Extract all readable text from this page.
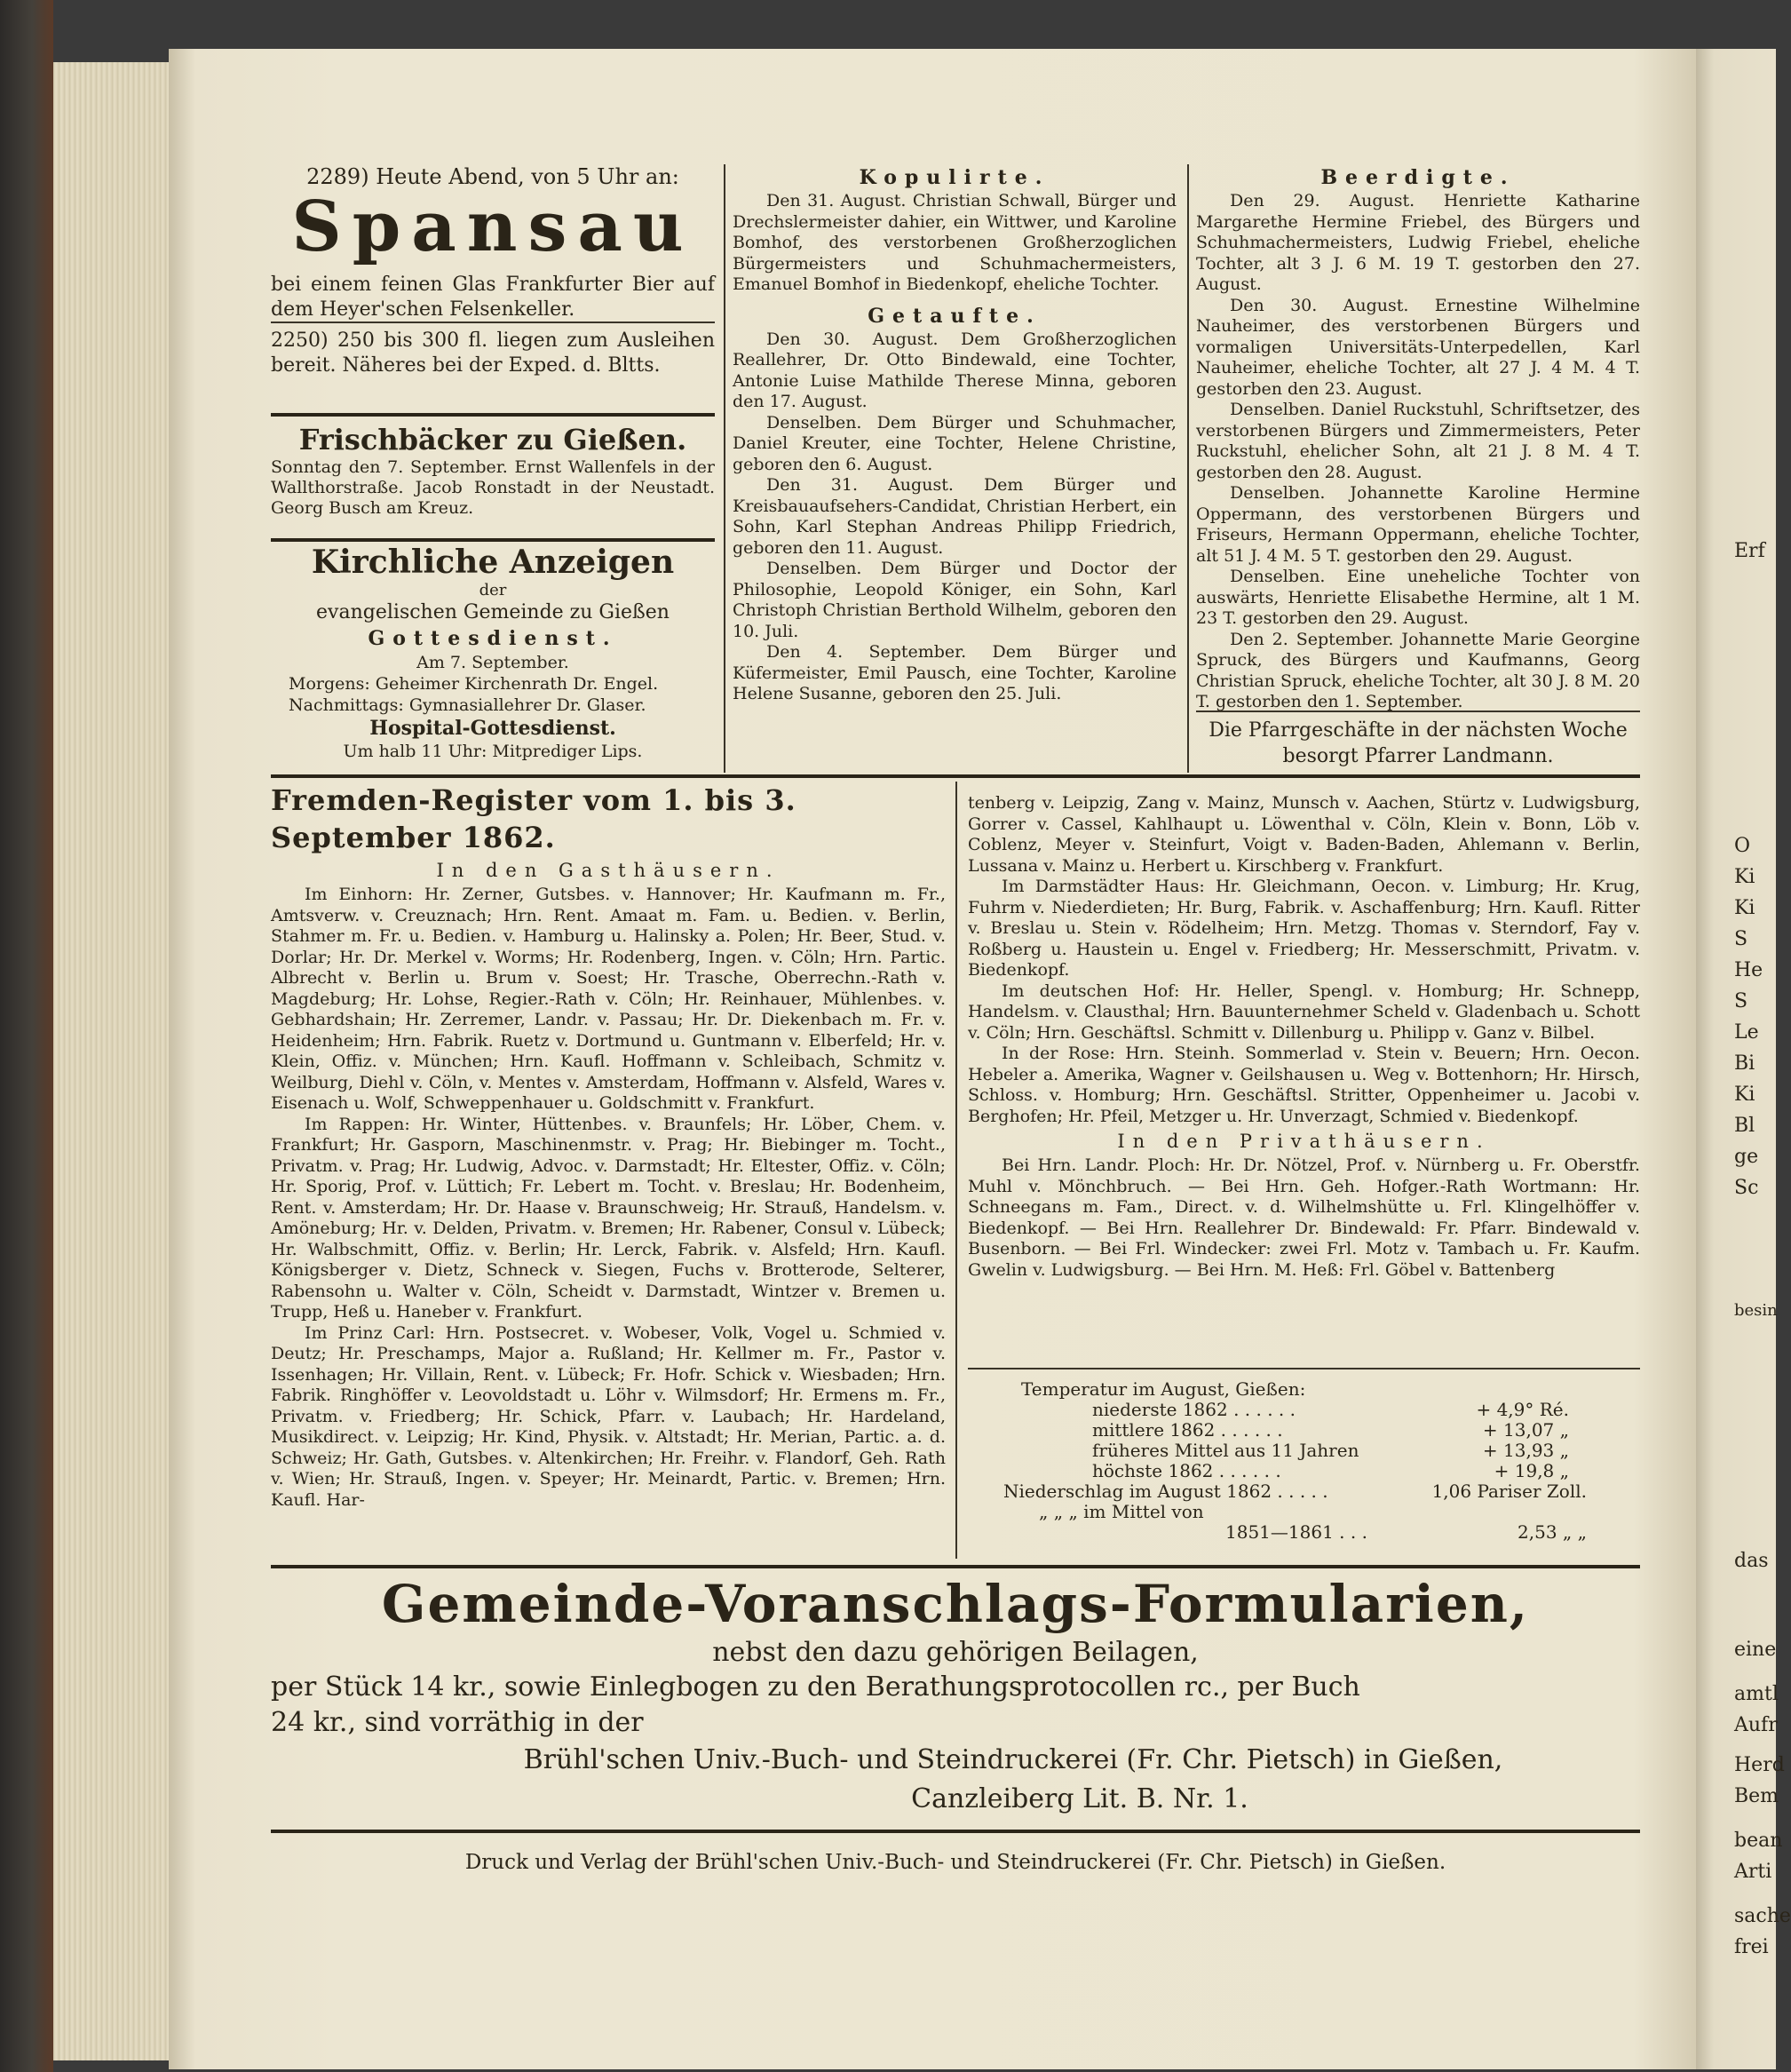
Erf
O
Ki
Ki
S
He
S
Le
Bi
Ki
Bl
ge
Sc
besin
das
eine
amtl
Aufr
Herd
Bem
bean
Arti
sache
frei

2289) Heute Abend, von 5 Uhr an:

Spansau

bei einem feinen Glas Frankfurter Bier auf dem Heyer'schen Felsenkeller.

2250) 250 bis 300 fl. liegen zum Ausleihen bereit. Näheres bei der Exped. d. Bltts.

Frischbäcker zu Gießen.

Sonntag den 7. September. Ernst Wallenfels in der Wallthorstraße. Jacob Ronstadt in der Neustadt. Georg Busch am Kreuz.

Kirchliche Anzeigen

der

evangelischen Gemeinde zu Gießen

Gottesdienst.

Am 7. September.

Morgens: Geheimer Kirchenrath Dr. Engel.

Nachmittags: Gymnasiallehrer Dr. Glaser.

Hospital-Gottesdienst.

Um halb 11 Uhr: Mitprediger Lips.

Kopulirte.

Den 31. August. Christian Schwall, Bürger und Drechslermeister dahier, ein Wittwer, und Karoline Bomhof, des verstorbenen Großherzoglichen Bürgermeisters und Schuhmachermeisters, Emanuel Bomhof in Biedenkopf, eheliche Tochter.

Getaufte.

Den 30. August. Dem Großherzoglichen Reallehrer, Dr. Otto Bindewald, eine Tochter, Antonie Luise Mathilde Therese Minna, geboren den 17. August.

Denselben. Dem Bürger und Schuhmacher, Daniel Kreuter, eine Tochter, Helene Christine, geboren den 6. August.

Den 31. August. Dem Bürger und Kreisbauaufsehers-Candidat, Christian Herbert, ein Sohn, Karl Stephan Andreas Philipp Friedrich, geboren den 11. August.

Denselben. Dem Bürger und Doctor der Philosophie, Leopold Königer, ein Sohn, Karl Christoph Christian Berthold Wilhelm, geboren den 10. Juli.

Den 4. September. Dem Bürger und Küfermeister, Emil Pausch, eine Tochter, Karoline Helene Susanne, geboren den 25. Juli.

Beerdigte.

Den 29. August. Henriette Katharine Margarethe Hermine Friebel, des Bürgers und Schuhmachermeisters, Ludwig Friebel, eheliche Tochter, alt 3 J. 6 M. 19 T. gestorben den 27. August.

Den 30. August. Ernestine Wilhelmine Nauheimer, des verstorbenen Bürgers und vormaligen Universitäts-Unterpedellen, Karl Nauheimer, eheliche Tochter, alt 27 J. 4 M. 4 T. gestorben den 23. August.

Denselben. Daniel Ruckstuhl, Schriftsetzer, des verstorbenen Bürgers und Zimmermeisters, Peter Ruckstuhl, ehelicher Sohn, alt 21 J. 8 M. 4 T. gestorben den 28. August.

Denselben. Johannette Karoline Hermine Oppermann, des verstorbenen Bürgers und Friseurs, Hermann Oppermann, eheliche Tochter, alt 51 J. 4 M. 5 T. gestorben den 29. August.

Denselben. Eine uneheliche Tochter von auswärts, Henriette Elisabethe Hermine, alt 1 M. 23 T. gestorben den 29. August.

Den 2. September. Johannette Marie Georgine Spruck, des Bürgers und Kaufmanns, Georg Christian Spruck, eheliche Tochter, alt 30 J. 8 M. 20 T. gestorben den 1. September.

Die Pfarrgeschäfte in der nächsten Woche besorgt Pfarrer Landmann.

Fremden-Register vom 1. bis 3. September 1862.

In den Gasthäusern.

Im Einhorn: Hr. Zerner, Gutsbes. v. Hannover; Hr. Kaufmann m. Fr., Amtsverw. v. Creuznach; Hrn. Rent. Amaat m. Fam. u. Bedien. v. Berlin, Stahmer m. Fr. u. Bedien. v. Hamburg u. Halinsky a. Polen; Hr. Beer, Stud. v. Dorlar; Hr. Dr. Merkel v. Worms; Hr. Rodenberg, Ingen. v. Cöln; Hrn. Partic. Albrecht v. Berlin u. Brum v. Soest; Hr. Trasche, Oberrechn.-Rath v. Magdeburg; Hr. Lohse, Regier.-Rath v. Cöln; Hr. Reinhauer, Mühlenbes. v. Gebhardshain; Hr. Zerremer, Landr. v. Passau; Hr. Dr. Diekenbach m. Fr. v. Heidenheim; Hrn. Fabrik. Ruetz v. Dortmund u. Guntmann v. Elberfeld; Hr. v. Klein, Offiz. v. München; Hrn. Kaufl. Hoffmann v. Schleibach, Schmitz v. Weilburg, Diehl v. Cöln, v. Mentes v. Amsterdam, Hoffmann v. Alsfeld, Wares v. Eisenach u. Wolf, Schweppenhauer u. Goldschmitt v. Frankfurt.

Im Rappen: Hr. Winter, Hüttenbes. v. Braunfels; Hr. Löber, Chem. v. Frankfurt; Hr. Gasporn, Maschinenmstr. v. Prag; Hr. Biebinger m. Tocht., Privatm. v. Prag; Hr. Ludwig, Advoc. v. Darmstadt; Hr. Eltester, Offiz. v. Cöln; Hr. Sporig, Prof. v. Lüttich; Fr. Lebert m. Tocht. v. Breslau; Hr. Bodenheim, Rent. v. Amsterdam; Hr. Dr. Haase v. Braunschweig; Hr. Strauß, Handelsm. v. Amöneburg; Hr. v. Delden, Privatm. v. Bremen; Hr. Rabener, Consul v. Lübeck; Hr. Walbschmitt, Offiz. v. Berlin; Hr. Lerck, Fabrik. v. Alsfeld; Hrn. Kaufl. Königsberger v. Dietz, Schneck v. Siegen, Fuchs v. Brotterode, Selterer, Rabensohn u. Walter v. Cöln, Scheidt v. Darmstadt, Wintzer v. Bremen u. Trupp, Heß u. Haneber v. Frankfurt.

Im Prinz Carl: Hrn. Postsecret. v. Wobeser, Volk, Vogel u. Schmied v. Deutz; Hr. Preschamps, Major a. Rußland; Hr. Kellmer m. Fr., Pastor v. Issenhagen; Hr. Villain, Rent. v. Lübeck; Fr. Hofr. Schick v. Wiesbaden; Hrn. Fabrik. Ringhöffer v. Leovoldstadt u. Löhr v. Wilmsdorf; Hr. Ermens m. Fr., Privatm. v. Friedberg; Hr. Schick, Pfarr. v. Laubach; Hr. Hardeland, Musikdirect. v. Leipzig; Hr. Kind, Physik. v. Altstadt; Hr. Merian, Partic. a. d. Schweiz; Hr. Gath, Gutsbes. v. Altenkirchen; Hr. Freihr. v. Flandorf, Geh. Rath v. Wien; Hr. Strauß, Ingen. v. Speyer; Hr. Meinardt, Partic. v. Bremen; Hrn. Kaufl. Har-

tenberg v. Leipzig, Zang v. Mainz, Munsch v. Aachen, Stürtz v. Ludwigsburg, Gorrer v. Cassel, Kahlhaupt u. Löwenthal v. Cöln, Klein v. Bonn, Löb v. Coblenz, Meyer v. Steinfurt, Voigt v. Baden-Baden, Ahlemann v. Berlin, Lussana v. Mainz u. Herbert u. Kirschberg v. Frankfurt.

Im Darmstädter Haus: Hr. Gleichmann, Oecon. v. Limburg; Hr. Krug, Fuhrm v. Niederdieten; Hr. Burg, Fabrik. v. Aschaffenburg; Hrn. Kaufl. Ritter v. Breslau u. Stein v. Rödelheim; Hrn. Metzg. Thomas v. Sterndorf, Fay v. Roßberg u. Haustein u. Engel v. Friedberg; Hr. Messerschmitt, Privatm. v. Biedenkopf.

Im deutschen Hof: Hr. Heller, Spengl. v. Homburg; Hr. Schnepp, Handelsm. v. Clausthal; Hrn. Bauunternehmer Scheld v. Gladenbach u. Schott v. Cöln; Hrn. Geschäftsl. Schmitt v. Dillenburg u. Philipp v. Ganz v. Bilbel.

In der Rose: Hrn. Steinh. Sommerlad v. Stein v. Beuern; Hrn. Oecon. Hebeler a. Amerika, Wagner v. Geilshausen u. Weg v. Bottenhorn; Hr. Hirsch, Schloss. v. Homburg; Hrn. Geschäftsl. Stritter, Oppenheimer u. Jacobi v. Berghofen; Hr. Pfeil, Metzger u. Hr. Unverzagt, Schmied v. Biedenkopf.

In den Privathäusern.

Bei Hrn. Landr. Ploch: Hr. Dr. Nötzel, Prof. v. Nürnberg u. Fr. Oberstfr. Muhl v. Mönchbruch. — Bei Hrn. Geh. Hofger.-Rath Wortmann: Hr. Schneegans m. Fam., Direct. v. d. Wilhelmshütte u. Frl. Klingelhöffer v. Biedenkopf. — Bei Hrn. Reallehrer Dr. Bindewald: Fr. Pfarr. Bindewald v. Busenborn. — Bei Frl. Windecker: zwei Frl. Motz v. Tambach u. Fr. Kaufm. Gwelin v. Ludwigsburg. — Bei Hrn. M. Heß: Frl. Göbel v. Battenberg

Temperatur im August, Gießen:

niederste 1862 . . . . . .	+ 4,9° Ré.
mittlere 1862 . . . . . .	+ 13,07 „
früheres Mittel aus 11 Jahren	+ 13,93 „
höchste 1862 . . . . . .	+ 19,8 „
Niederschlag im August 1862 . . . . .	1,06 Pariser Zoll.
„ „ „ im Mittel von
1851—1861 . . .	2,53 „ „

Gemeinde-Voranschlags-Formularien,

nebst den dazu gehörigen Beilagen,

per Stück 14 kr., sowie Einlegbogen zu den Berathungsprotocollen rc., per Buch

24 kr., sind vorräthig in der

Brühl'schen Univ.-Buch- und Steindruckerei (Fr. Chr. Pietsch) in Gießen,

Canzleiberg Lit. B. Nr. 1.

Druck und Verlag der Brühl'schen Univ.-Buch- und Steindruckerei (Fr. Chr. Pietsch) in Gießen.
